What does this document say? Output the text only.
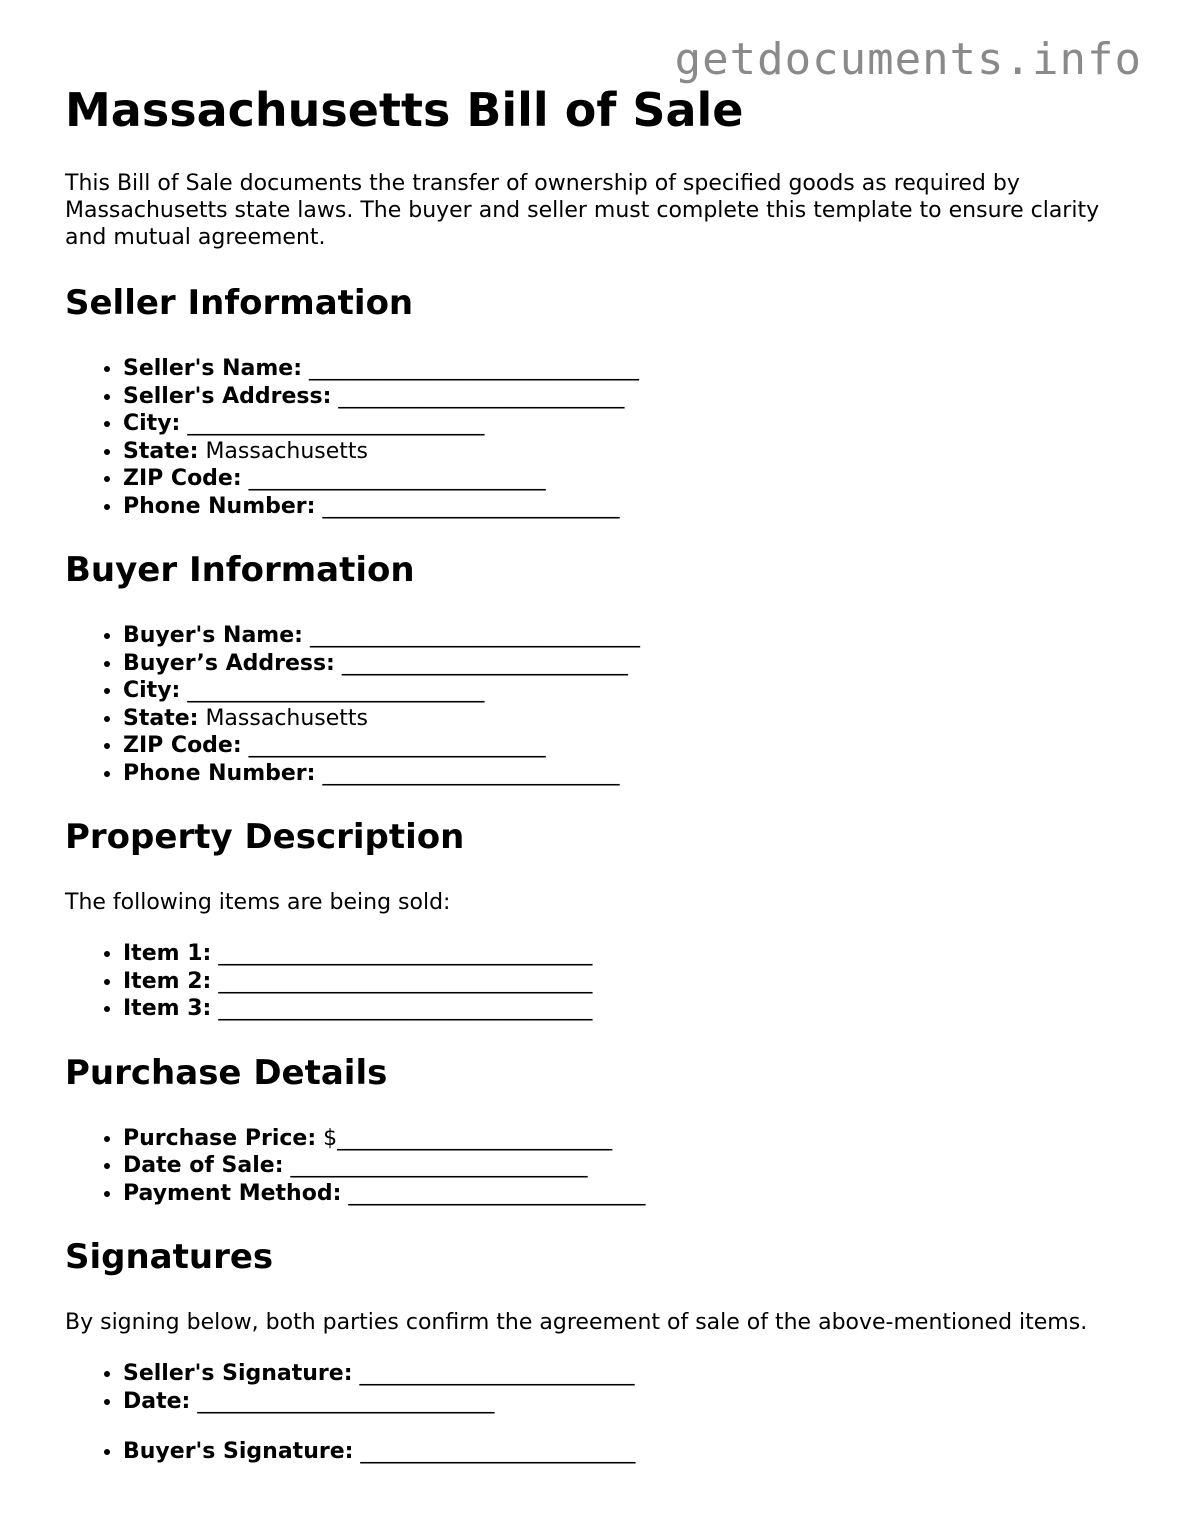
getdocuments.info
Massachusetts Bill of Sale

This Bill of Sale documents the transfer of ownership of specified goods as required by Massachusetts state laws. The buyer and seller must complete this template to ensure clarity and mutual agreement.

Seller Information
• Seller's Name: ______________________________
• Seller's Address: __________________________
• City: ___________________________
• State: Massachusetts
• ZIP Code: ___________________________
• Phone Number: ___________________________
Buyer Information
• Buyer's Name: ______________________________
• Buyer’s Address: __________________________
• City: ___________________________
• State: Massachusetts
• ZIP Code: ___________________________
• Phone Number: ___________________________
Property Description

The following items are being sold:

• Item 1: __________________________________
• Item 2: __________________________________
• Item 3: __________________________________
Purchase Details
• Purchase Price: $_________________________
• Date of Sale: ___________________________
• Payment Method: ___________________________
Signatures

By signing below, both parties confirm the agreement of sale of the above-mentioned items.

• Seller's Signature: _________________________
• Date: ___________________________
• Buyer's Signature: _________________________
